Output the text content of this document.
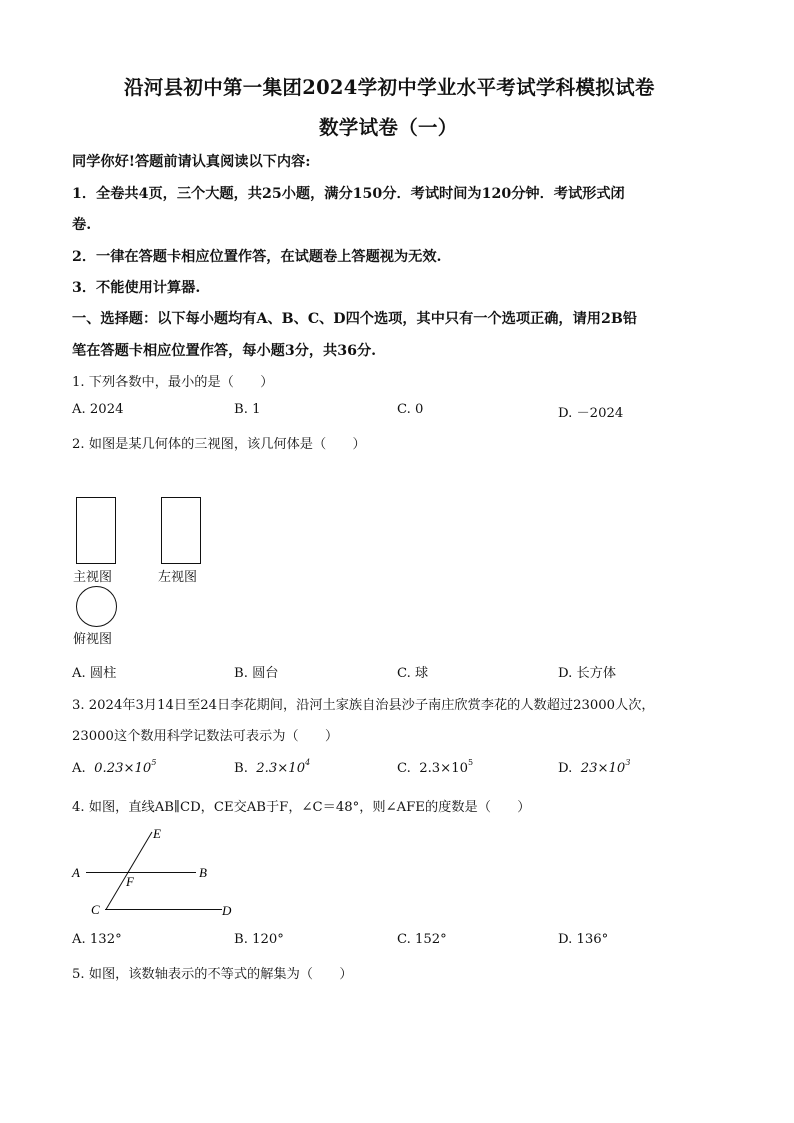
沿河县初中第一集团2024学初中学业水平考试学科模拟试卷
数学试卷（一）
同学你好!答题前请认真阅读以下内容:
1．全卷共4页，三个大题，共25小题，满分150分．考试时间为120分钟．考试形式闭
卷.
2．一律在答题卡相应位置作答，在试题卷上答题视为无效.
3．不能使用计算器.
一、选择题：以下每小题均有A、B、C、D四个选项，其中只有一个选项正确，请用2B铅
笔在答题卡相应位置作答，每小题3分，共36分.
1. 下列各数中，最小的是（　　）
A. 2024	B. 1	C. 0	D. －2024
2. 如图是某几何体的三视图，该几何体是（　　）
主视图	左视图
俯视图
A. 圆柱	B. 圆台	C. 球	D. 长方体
3. 2024年3月14日至24日李花期间，沿河土家族自治县沙子南庄欣赏李花的人数超过23000人次，
23000这个数用科学记数法可表示为（　　）
A. $0.23\times 10^5$	B. $2.3\times 10^4$	C. $2.3\times 10^5$	D. $23\times 10^3$
4. 如图，直线AB∥CD，CE交AB于F，∠C＝48°，则∠AFE的度数是（　　）
E
A	B
F
C	D
A. 132°	B. 120°	C. 152°	D. 136°
5. 如图，该数轴表示的不等式的解集为（　　）
